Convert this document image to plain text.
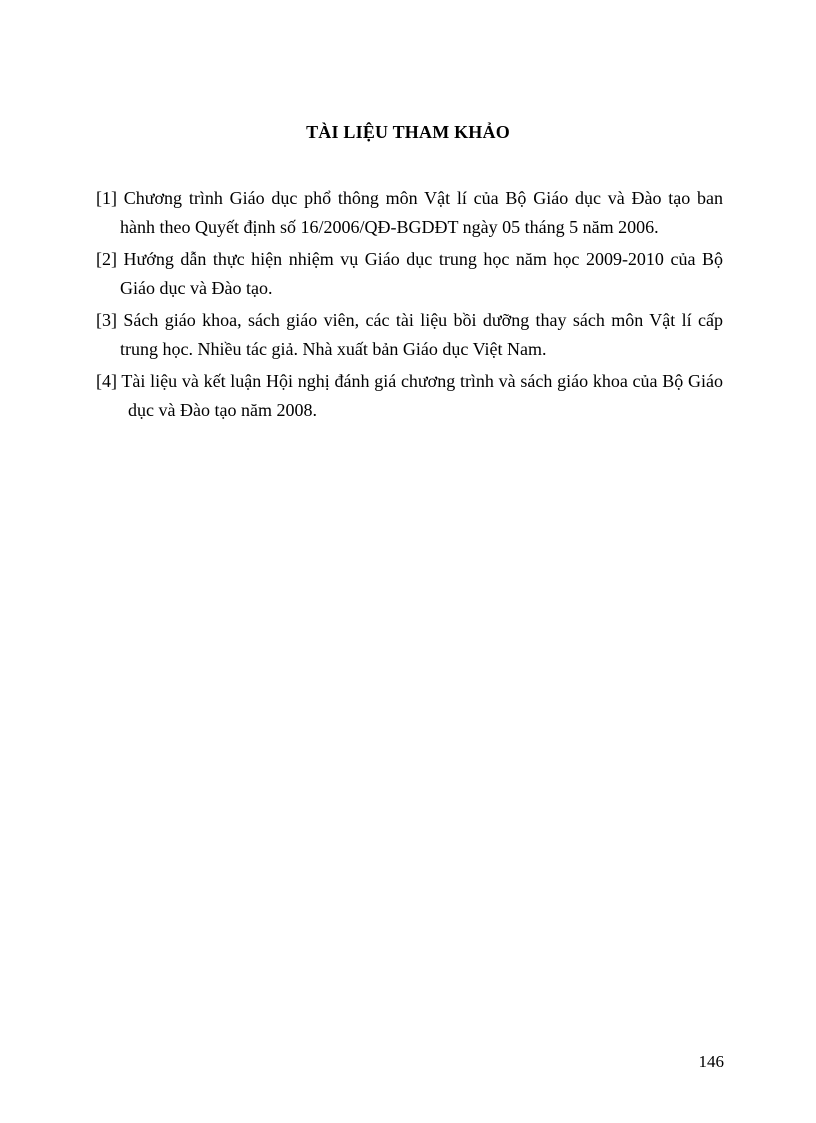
TÀI LIỆU THAM KHẢO
[1] Chương trình Giáo dục phổ thông môn Vật lí của Bộ Giáo dục và Đào tạo ban hành theo Quyết định số 16/2006/QĐ-BGDĐT ngày 05 tháng 5 năm 2006.
[2] Hướng dẫn thực hiện nhiệm vụ Giáo dục trung học năm học 2009-2010 của Bộ Giáo dục và Đào tạo.
[3] Sách giáo khoa, sách giáo viên, các tài liệu bồi dưỡng thay sách môn Vật lí cấp trung học. Nhiều tác giả. Nhà xuất bản Giáo dục Việt Nam.
[4] Tài liệu và kết luận Hội nghị đánh giá chương trình và sách giáo khoa của Bộ Giáo dục và Đào tạo năm 2008.
146
